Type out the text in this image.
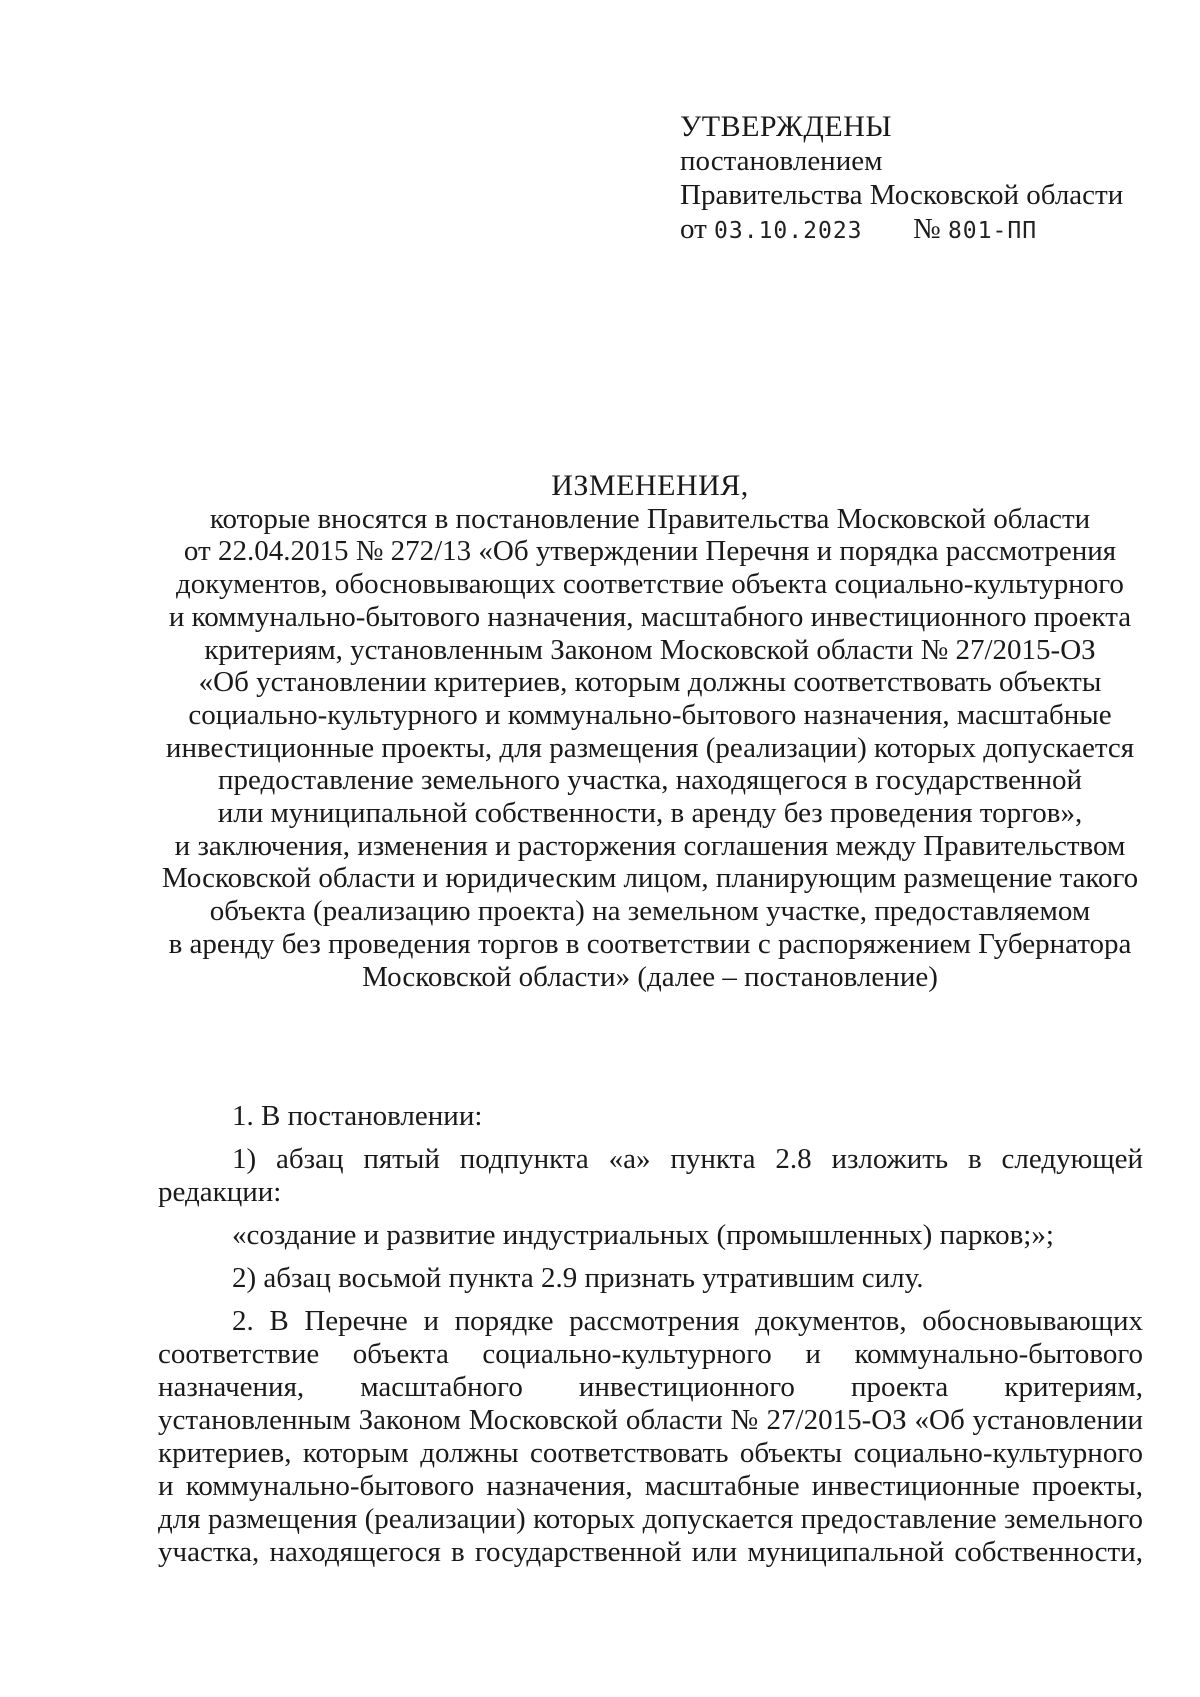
УТВЕРЖДЕНЫ
постановлением
Правительства Московской области
от 03.10.2023 № 801-ПП
ИЗМЕНЕНИЯ,
которые вносятся в постановление Правительства Московской области
от 22.04.2015 № 272/13 «Об утверждении Перечня и порядка рассмотрения
документов, обосновывающих соответствие объекта социально-культурного
и коммунально-бытового назначения, масштабного инвестиционного проекта
критериям, установленным Законом Московской области № 27/2015-ОЗ
«Об установлении критериев, которым должны соответствовать объекты
социально-культурного и коммунально-бытового назначения, масштабные
инвестиционные проекты, для размещения (реализации) которых допускается
предоставление земельного участка, находящегося в государственной
или муниципальной собственности, в аренду без проведения торгов»,
и заключения, изменения и расторжения соглашения между Правительством
Московской области и юридическим лицом, планирующим размещение такого
объекта (реализацию проекта) на земельном участке, предоставляемом
в аренду без проведения торгов в соответствии с распоряжением Губернатора
Московской области» (далее – постановление)
1. В постановлении:
1) абзац пятый подпункта «а» пункта 2.8 изложить в следующей
редакции:
«создание и развитие индустриальных (промышленных) парков;»;
2) абзац восьмой пункта 2.9 признать утратившим силу.
2. В Перечне и порядке рассмотрения документов, обосновывающих
соответствие объекта социально-культурного и коммунально-бытового
назначения, масштабного инвестиционного проекта критериям,
установленным Законом Московской области № 27/2015-ОЗ «Об установлении
критериев, которым должны соответствовать объекты социально-культурного
и коммунально-бытового назначения, масштабные инвестиционные проекты,
для размещения (реализации) которых допускается предоставление земельного
участка, находящегося в государственной или муниципальной собственности,
